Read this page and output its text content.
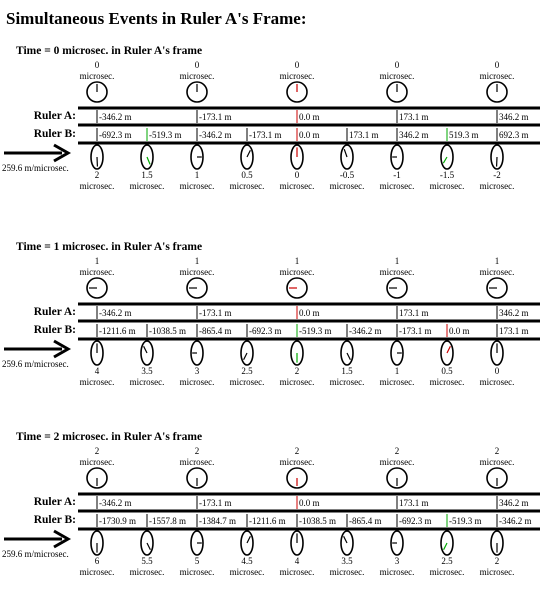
Simultaneous Events in Ruler A's Frame:
Time = 0 microsec. in Ruler A's frame
0
microsec.
0
microsec.
0
microsec.
0
microsec.
0
microsec.
Ruler A:	-346.2 m	-173.1 m	0.0 m	173.1 m	346.2 m
Ruler B:	-692.3 m -519.3 m -346.2 m -173.1 m 0.0 m	173.1 m 346.2 m 519.3 m 692.3 m
259.6 m/microsec.
2
microsec.
1.5
microsec.
1
microsec.
0.5
microsec.
0
microsec.
-0.5
microsec.
-1
microsec.
-1.5
microsec.
-2
microsec.
Time = 1 microsec. in Ruler A's frame
1
microsec.
1
microsec.
1
microsec.
1
microsec.
1
microsec.
Ruler A:	-346.2 m	-173.1 m	0.0 m	173.1 m	346.2 m
Ruler B:	-1211.6 m -1038.5 m -865.4 m -692.3 m -519.3 m -346.2 m -173.1 m 0.0 m	173.1 m
259.6 m/microsec.
4
microsec.
3.5
microsec.
3
microsec.
2.5
microsec.
2
microsec.
1.5
microsec.
1
microsec.
0.5
microsec.
0
microsec.
Time = 2 microsec. in Ruler A's frame
2
microsec.
2
microsec.
2
microsec.
2
microsec.
2
microsec.
Ruler A:	-346.2 m	-173.1 m	0.0 m	173.1 m	346.2 m
Ruler B:	-1730.9 m -1557.8 m -1384.7 m -1211.6 m -1038.5 m -865.4 m -692.3 m -519.3 m -346.2 m
259.6 m/microsec.
6
microsec.
5.5
microsec.
5
microsec.
4.5
microsec.
4
microsec.
3.5
microsec.
3
microsec.
2.5
microsec.
2
microsec.
